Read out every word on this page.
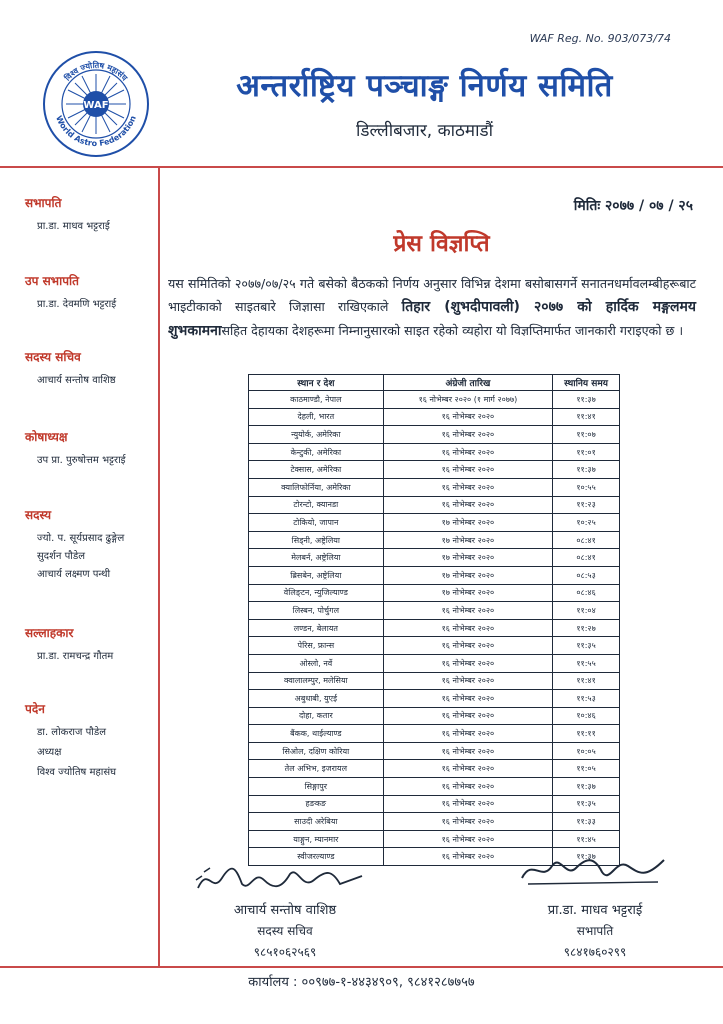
WAF Reg. No. 903/073/74
WAF
विश्व ज्योतिष महासंघ
World Astro Federation
अन्तर्राष्ट्रिय पञ्चाङ्ग निर्णय समिति
डिल्लीबजार, काठमाडौं
सभापति
प्रा.डा. माधव भट्टराई
उप सभापति
प्रा.डा. देवमणि भट्टराई
सदस्य सचिव
आचार्य सन्तोष वाशिष्ठ
कोषाध्यक्ष
उप प्रा. पुरुषोत्तम भट्टराई
सदस्य
ज्यो. प. सूर्यप्रसाद ढुङ्गेल
सुदर्शन पौडेल
आचार्य लक्ष्मण पन्थी
सल्लाहकार
प्रा.डा. रामचन्द्र गौतम
पदेन
डा. लोकराज पौडेल
अध्यक्ष
विश्व ज्योतिष महासंघ
मितिः २०७७ / ०७ / २५
प्रेस विज्ञप्ति
यस समितिको २०७७/०७/२५ गते बसेको बैठकको निर्णय अनुसार विभिन्न देशमा बसोबासगर्ने सनातनधर्मावलम्बीहरूबाट भाइटीकाको साइतबारे जिज्ञासा राखिएकाले तिहार (शुभदीपावली) २०७७ को हार्दिक मङ्गलमय शुभकामनासहित देहायका देशहरूमा निम्नानुसारको साइत रहेको व्यहोरा यो विज्ञप्तिमार्फत जानकारी गराइएको छ ।
स्थान र देश	अंग्रेजी तारिख	स्थानिय समय
काठमाण्डौ, नेपाल	१६ नोभेम्बर २०२० (१ मार्ग २०७७)	११:३७
देहली, भारत	१६ नोभेम्बर २०२०	११:४१
न्युयोर्क, अमेरिका	१६ नोभेम्बर २०२०	११:०७
केन्टुकी, अमेरिका	१६ नोभेम्बर २०२०	११:०१
टेक्सास, अमेरिका	१६ नोभेम्बर २०२०	११:३७
क्यालिफोर्निया, अमेरिका	१६ नोभेम्बर २०२०	१०:५५
टोरन्टो, क्यानडा	१६ नोभेम्बर २०२०	११:२३
टोकियो, जापान	१७ नोभेम्बर २०२०	१०:२५
सिड्नी, अष्ट्रेलिया	१७ नोभेम्बर २०२०	०८:४१
मेलबर्न, अष्ट्रेलिया	१७ नोभेम्बर २०२०	०८:४१
ब्रिसबेन, अष्ट्रेलिया	१७ नोभेम्बर २०२०	०८:५३
वेलिङ्टन, न्युजिल्याण्ड	१७ नोभेम्बर २०२०	०८:४६
लिस्बन, पोर्चुगल	१६ नोभेम्बर २०२०	११:०४
लण्डन, बेलायत	१६ नोभेम्बर २०२०	११:२७
पेरिस, फ्रान्स	१६ नोभेम्बर २०२०	११:३५
ओस्लो, नर्वे	१६ नोभेम्बर २०२०	११:५५
क्वालालम्पुर, मलेसिया	१६ नोभेम्बर २०२०	११:४१
अबुधाबी, युएई	१६ नोभेम्बर २०२०	११:५३
दोहा, कतार	१६ नोभेम्बर २०२०	१०:४६
बैंकक, थाईल्याण्ड	१६ नोभेम्बर २०२०	११:११
सिओल, दक्षिण कोरिया	१६ नोभेम्बर २०२०	१०:०५
तेल अभिभ, इजरायल	१६ नोभेम्बर २०२०	११:०५
सिङ्गापुर	१६ नोभेम्बर २०२०	११:३७
हङकङ	१६ नोभेम्बर २०२०	११:३५
साउदी अरेबिया	१६ नोभेम्बर २०२०	११:३३
याङ्गुन, म्यानमार	१६ नोभेम्बर २०२०	११:४५
स्वीजरल्याण्ड	१६ नोभेम्बर २०२०	११:३७
आचार्य सन्तोष वाशिष्ठ
सदस्य सचिव
९८५१०६२५६९
प्रा.डा. माधव भट्टराई
सभापति
९८४१७६०२९९
कार्यालय : ००९७७-१-४४३४९०९, ९८४१२८७७५७
